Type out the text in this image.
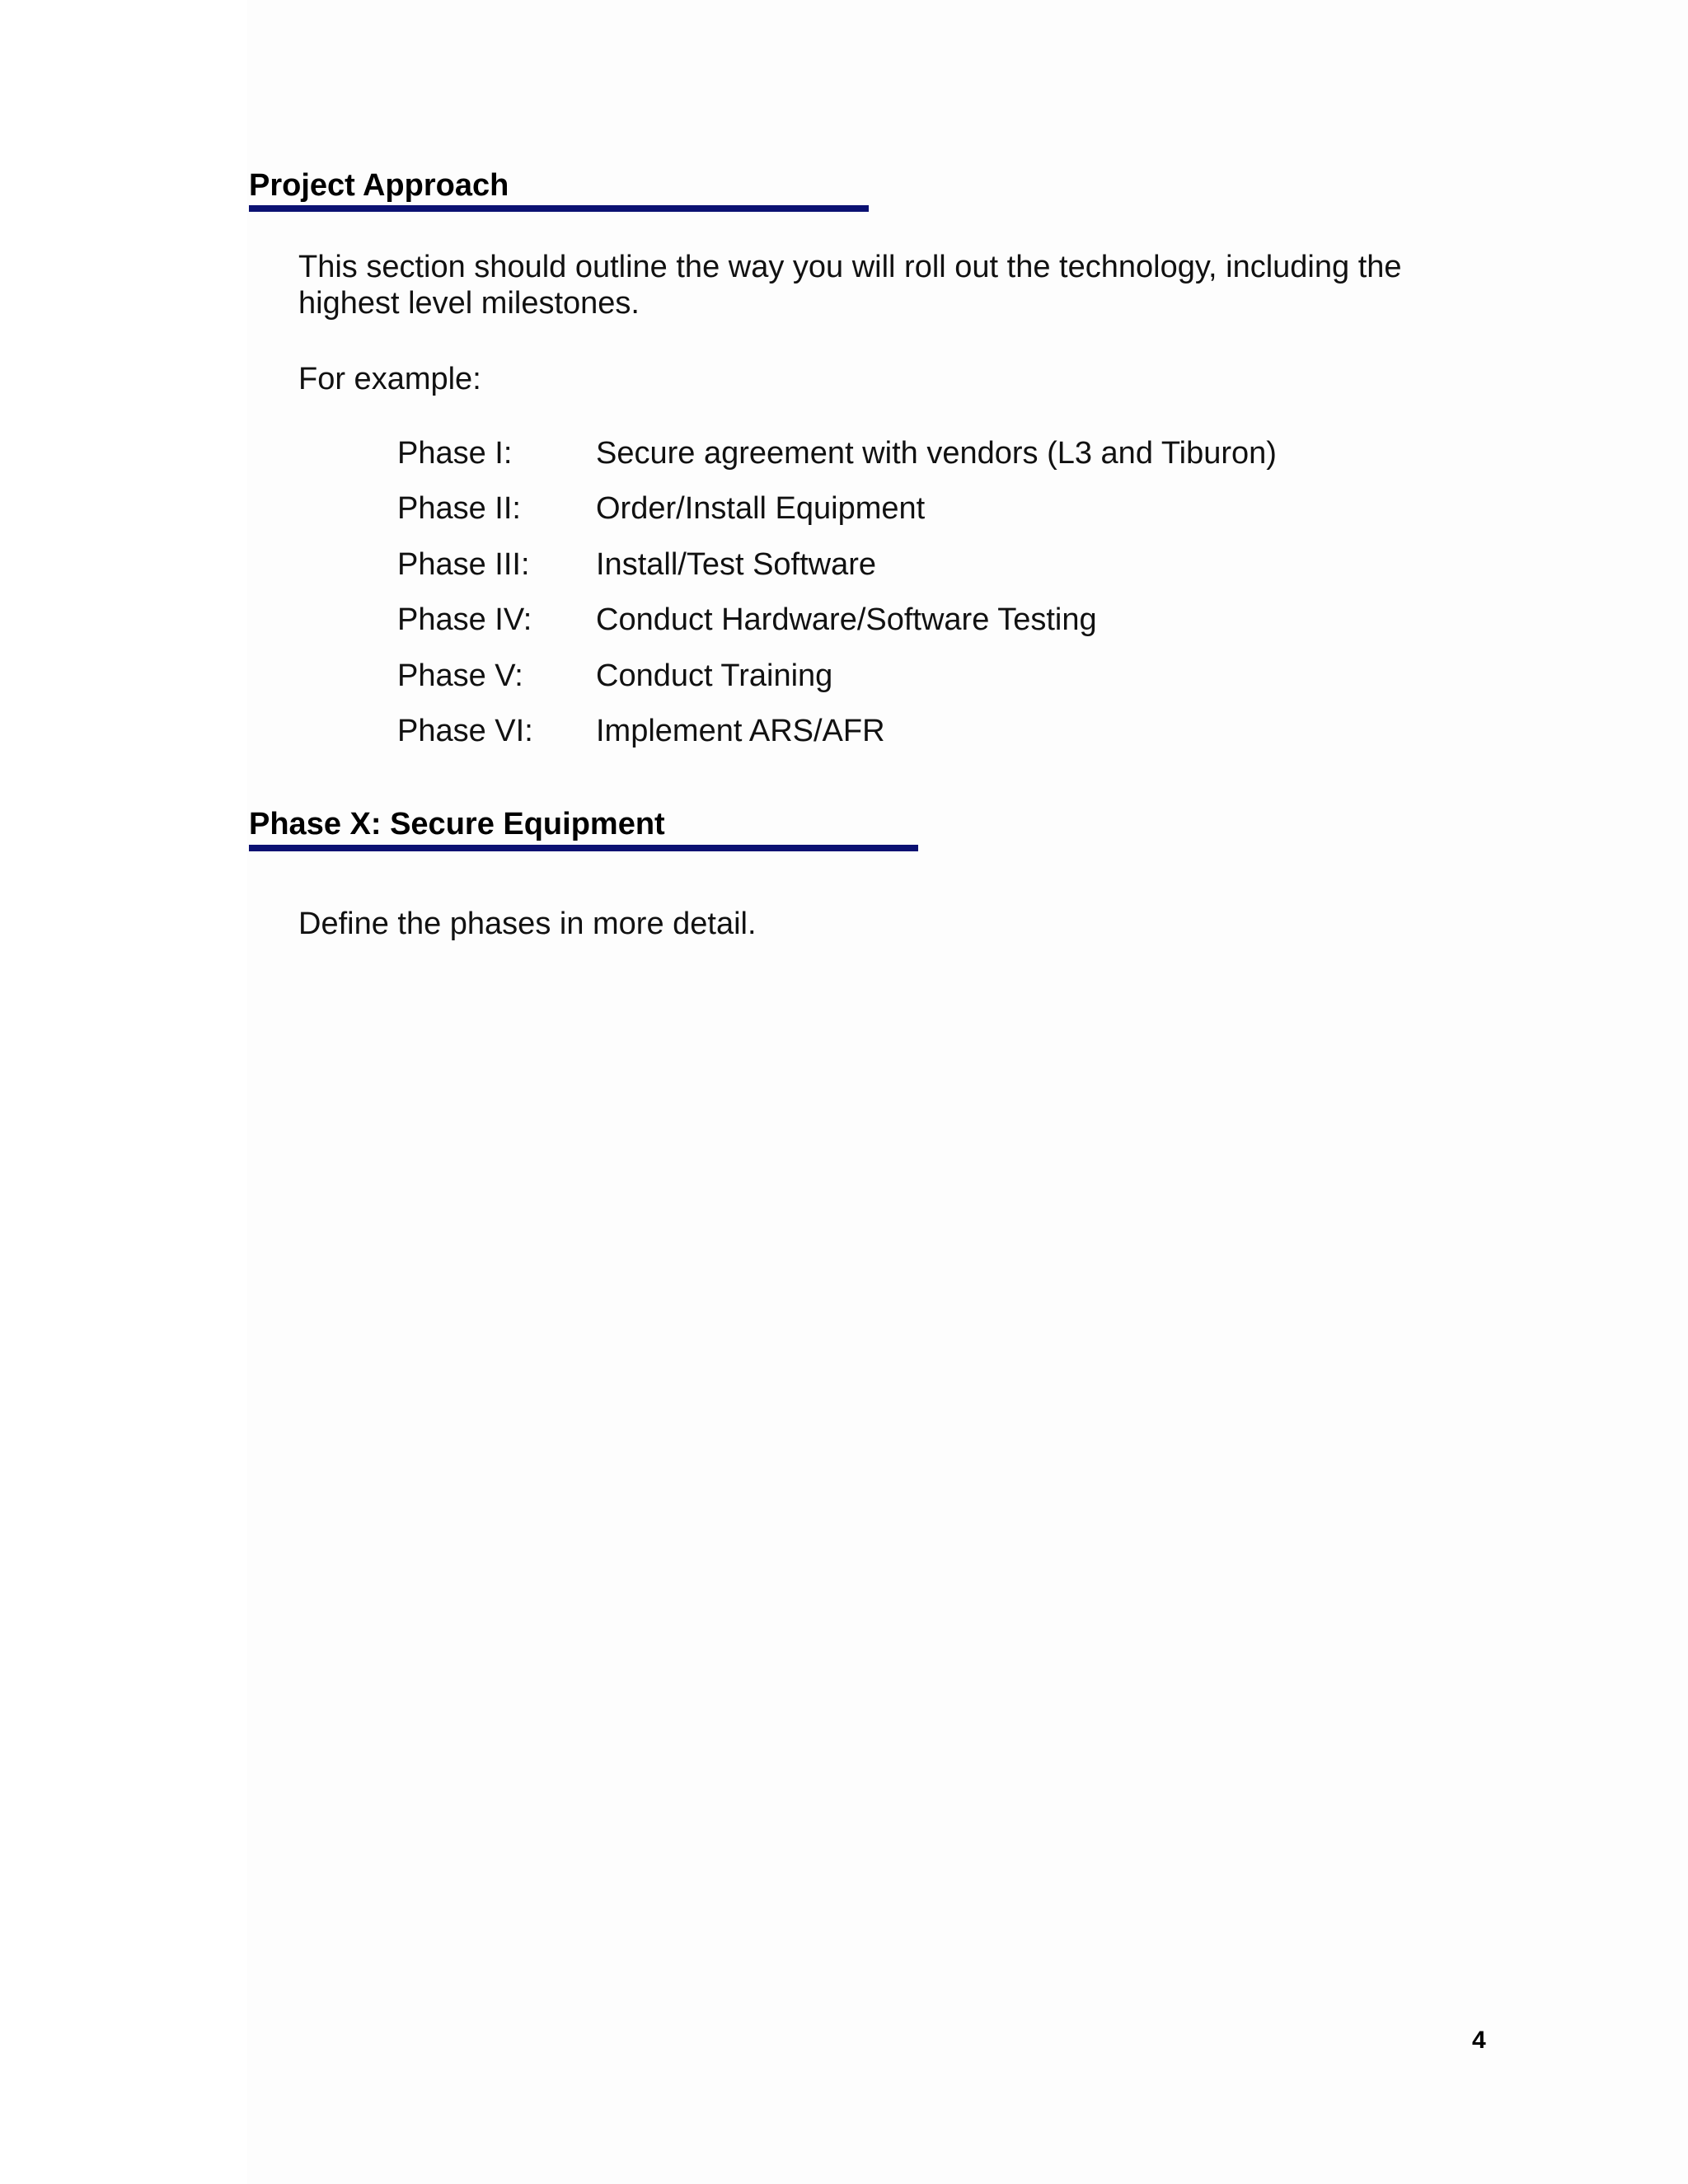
Project Approach
This section should outline the way you will roll out the technology, including the highest level milestones.
For example:
Phase I:	Secure agreement with vendors (L3 and Tiburon)
Phase II: Order/Install Equipment
Phase III: Install/Test Software
Phase IV: Conduct Hardware/Software Testing
Phase V: Conduct Training
Phase VI: Implement ARS/AFR
Phase X: Secure Equipment
Define the phases in more detail.
4
